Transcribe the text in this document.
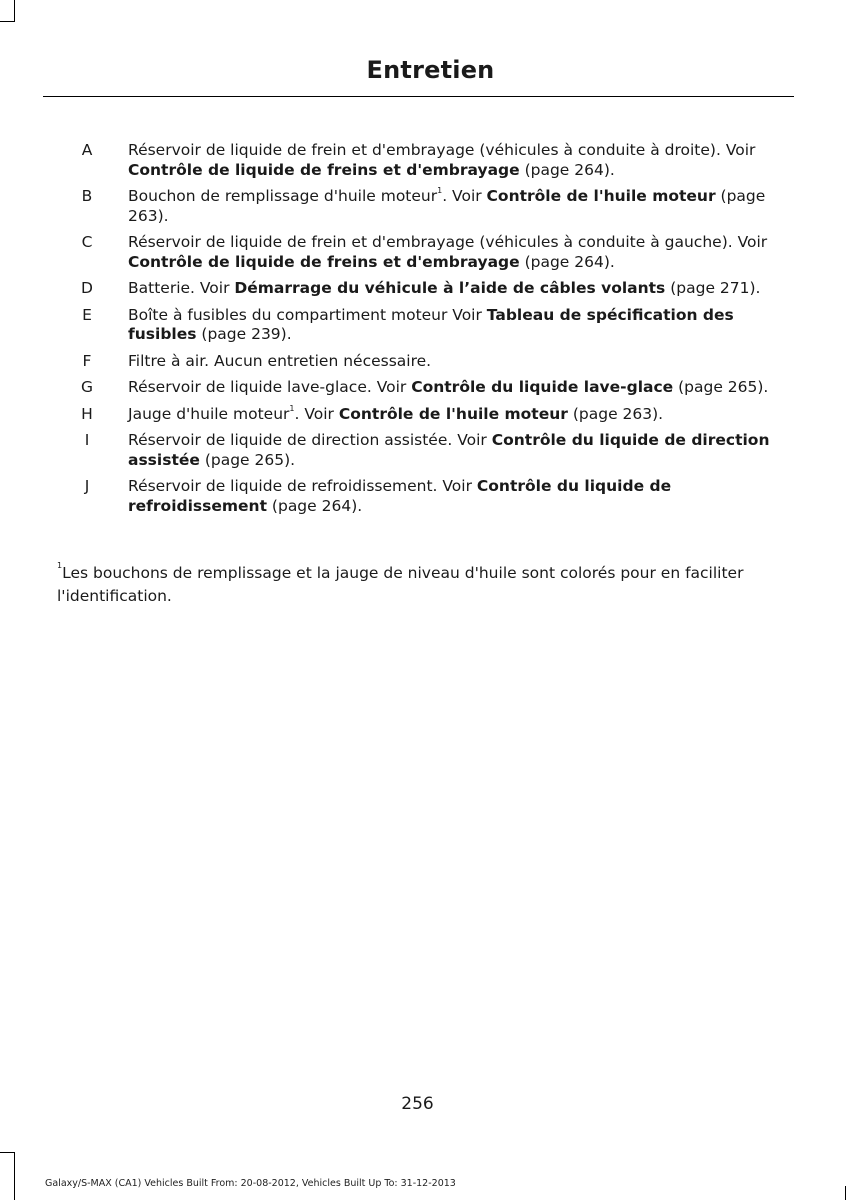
Entretien
A Réservoir de liquide de frein et d'embrayage (véhicules à conduite à droite). Voir Contrôle de liquide de freins et d'embrayage (page 264).
B Bouchon de remplissage d'huile moteur$^1$. Voir Contrôle de l'huile moteur (page 263).
C Réservoir de liquide de frein et d'embrayage (véhicules à conduite à gauche). Voir Contrôle de liquide de freins et d'embrayage (page 264).
D Batterie. Voir Démarrage du véhicule à l’aide de câbles volants (page 271).
E Boîte à fusibles du compartiment moteur Voir Tableau de spécification des fusibles (page 239).
F Filtre à air. Aucun entretien nécessaire.
G Réservoir de liquide lave-glace. Voir Contrôle du liquide lave-glace (page 265).
H Jauge d'huile moteur$^1$. Voir Contrôle de l'huile moteur (page 263).
I	Réservoir de liquide de direction assistée. Voir Contrôle du liquide de direction assistée (page 265).
J	Réservoir de liquide de refroidissement. Voir Contrôle du liquide de refroidissement (page 264).
$^1$Les bouchons de remplissage et la jauge de niveau d'huile sont colorés pour en faciliter l'identification.
256
Galaxy/S-MAX (CA1) Vehicles Built From: 20-08-2012, Vehicles Built Up To: 31-12-2013
